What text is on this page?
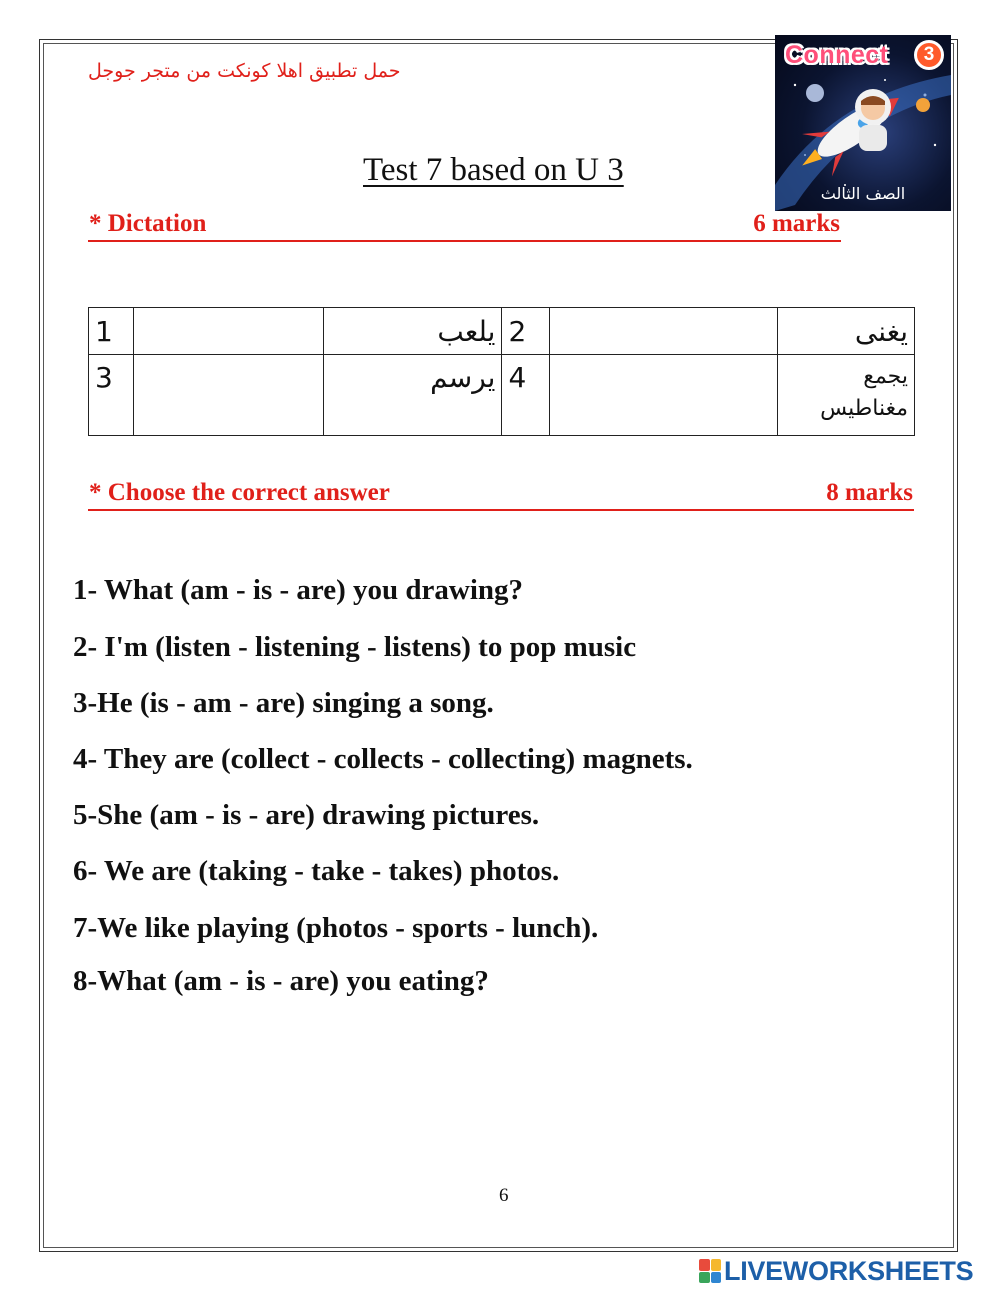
حمل تطبيق اهلا كونكت من متجر جوجل
Connect	3
الصف الثالث
Test 7 based on U 3
* Dictation	6 marks
1		يلعب	2		يغنى
3		يرسم	4		يجمع مغناطيس
* Choose the correct answer	8 marks
1- What (am - is - are) you drawing?
2- I'm (listen - listening - listens) to pop music
3-He (is - am - are) singing a song.
4- They are (collect - collects - collecting) magnets.
5-She (am - is - are) drawing pictures.
6- We are (taking - take - takes) photos.
7-We like playing (photos - sports - lunch).
8-What (am - is - are) you eating?
6
LIVEWORKSHEETS
